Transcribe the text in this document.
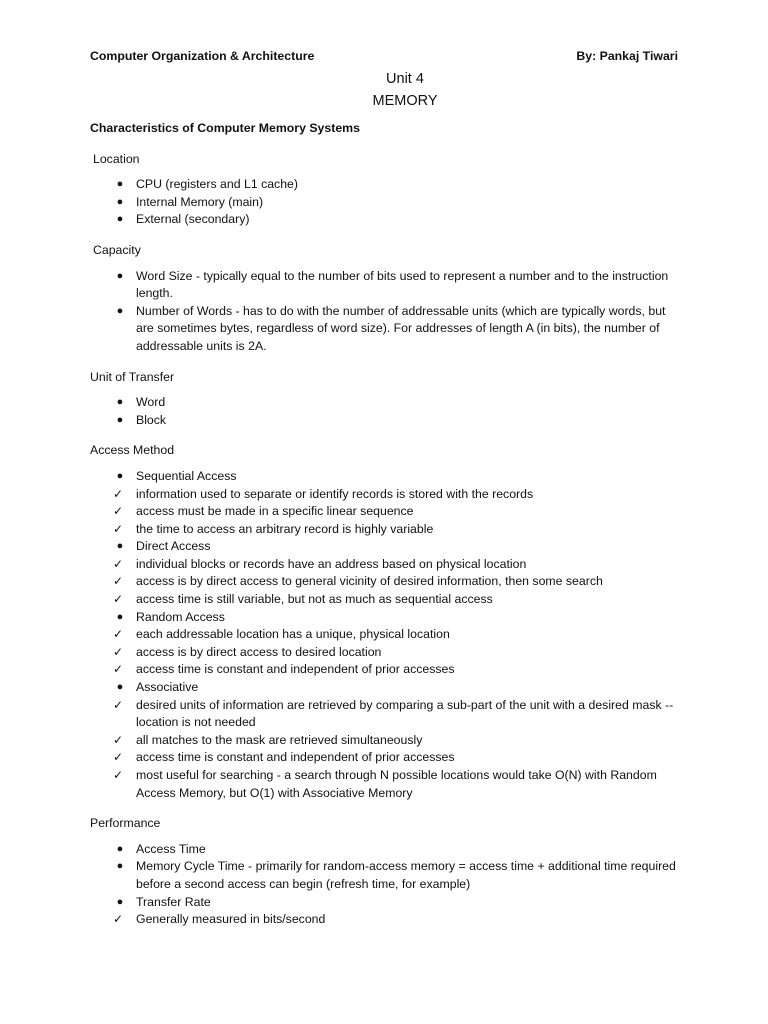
Computer Organization & Architecture	By: Pankaj Tiwari
Unit 4
MEMORY
Characteristics of Computer Memory Systems
Location
●	CPU (registers and L1 cache)
●	Internal Memory (main)
●	External (secondary)
Capacity
●	Word Size - typically equal to the number of bits used to represent a number and to the instruction length.
●	Number of Words - has to do with the number of addressable units (which are typically words, but are sometimes bytes, regardless of word size). For addresses of length A (in bits), the number of addressable units is 2A.
Unit of Transfer
●	Word
●	Block
Access Method
●	Sequential Access
✓ information used to separate or identify records is stored with the records
✓ access must be made in a specific linear sequence
✓ the time to access an arbitrary record is highly variable
●	Direct Access
✓ individual blocks or records have an address based on physical location
✓ access is by direct access to general vicinity of desired information, then some search
✓ access time is still variable, but not as much as sequential access
●	Random Access
✓ each addressable location has a unique, physical location
✓ access is by direct access to desired location
✓ access time is constant and independent of prior accesses
●	Associative
✓ desired units of information are retrieved by comparing a sub-part of the unit with a desired mask -- location is not needed
✓ all matches to the mask are retrieved simultaneously
✓ access time is constant and independent of prior accesses
✓ most useful for searching - a search through N possible locations would take O(N) with Random Access Memory, but O(1) with Associative Memory
Performance
●	Access Time
●	Memory Cycle Time - primarily for random-access memory = access time + additional time required before a second access can begin (refresh time, for example)
●	Transfer Rate
✓ Generally measured in bits/second
